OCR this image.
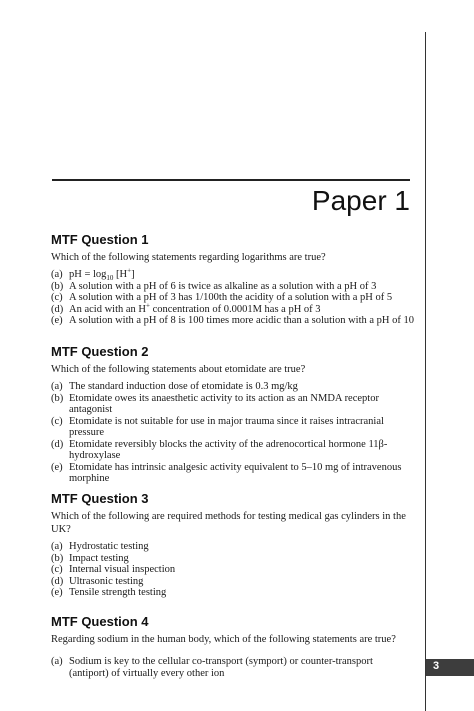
Paper 1
MTF Question 1
Which of the following statements regarding logarithms are true?
(a) pH = $\log_{10} [H^+]$
(b) A solution with a pH of 6 is twice as alkaline as a solution with a pH of 3
(c) A solution with a pH of 3 has 1/100th the acidity of a solution with a pH of 5
(d) An acid with an H+ concentration of 0.0001M has a pH of 3
(e) A solution with a pH of 8 is 100 times more acidic than a solution with a pH of 10
MTF Question 2
Which of the following statements about etomidate are true?
(a) The standard induction dose of etomidate is 0.3 mg/kg
(b) Etomidate owes its anaesthetic activity to its action as an NMDA receptor antagonist
(c) Etomidate is not suitable for use in major trauma since it raises intracranial pressure
(d) Etomidate reversibly blocks the activity of the adrenocortical hormone 11β-hydroxylase
(e) Etomidate has intrinsic analgesic activity equivalent to 5–10 mg of intravenous morphine
MTF Question 3
Which of the following are required methods for testing medical gas cylinders in the UK?
(a) Hydrostatic testing
(b) Impact testing
(c) Internal visual inspection
(d) Ultrasonic testing
(e) Tensile strength testing
MTF Question 4
Regarding sodium in the human body, which of the following statements are true?
(a) Sodium is key to the cellular co-transport (symport) or counter-transport (antiport) of virtually every other ion
3
